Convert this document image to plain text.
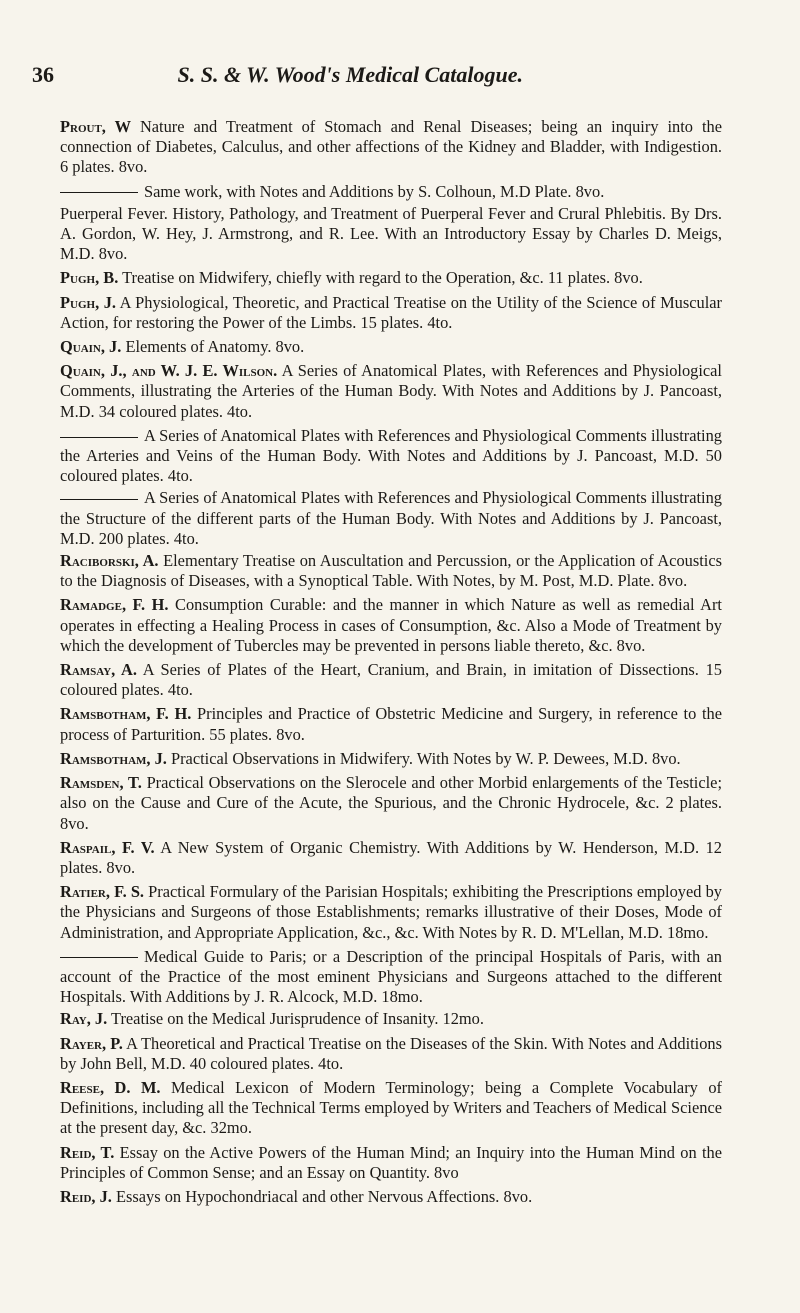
36	S. S. & W. Wood's Medical Catalogue.

Prout, W Nature and Treatment of Stomach and Renal Diseases; being an inquiry into the connection of Diabetes, Calculus, and other affections of the Kidney and Bladder, with Indigestion. 6 plates. 8vo.

Same work, with Notes and Additions by S. Colhoun, M.D Plate. 8vo.

Puerperal Fever. History, Pathology, and Treatment of Puerperal Fever and Crural Phlebitis. By Drs. A. Gordon, W. Hey, J. Armstrong, and R. Lee. With an Introductory Essay by Charles D. Meigs, M.D. 8vo.

Pugh, B. Treatise on Midwifery, chiefly with regard to the Operation, &c. 11 plates. 8vo.

Pugh, J. A Physiological, Theoretic, and Practical Treatise on the Utility of the Science of Muscular Action, for restoring the Power of the Limbs. 15 plates. 4to.

Quain, J. Elements of Anatomy. 8vo.

Quain, J., and W. J. E. Wilson. A Series of Anatomical Plates, with References and Physiological Comments, illustrating the Arteries of the Human Body. With Notes and Additions by J. Pancoast, M.D. 34 coloured plates. 4to.

A Series of Anatomical Plates with References and Physiological Comments illustrating the Arteries and Veins of the Human Body. With Notes and Additions by J. Pancoast, M.D. 50 coloured plates. 4to.

A Series of Anatomical Plates with References and Physiological Comments illustrating the Structure of the different parts of the Human Body. With Notes and Additions by J. Pancoast, M.D. 200 plates. 4to.

Raciborski, A. Elementary Treatise on Auscultation and Percussion, or the Application of Acoustics to the Diagnosis of Diseases, with a Synoptical Table. With Notes, by M. Post, M.D. Plate. 8vo.

Ramadge, F. H. Consumption Curable: and the manner in which Nature as well as remedial Art operates in effecting a Healing Process in cases of Consumption, &c. Also a Mode of Treatment by which the development of Tubercles may be prevented in persons liable thereto, &c. 8vo.

Ramsay, A. A Series of Plates of the Heart, Cranium, and Brain, in imitation of Dissections. 15 coloured plates. 4to.

Ramsbotham, F. H. Principles and Practice of Obstetric Medicine and Surgery, in reference to the process of Parturition. 55 plates. 8vo.

Ramsbotham, J. Practical Observations in Midwifery. With Notes by W. P. Dewees, M.D. 8vo.

Ramsden, T. Practical Observations on the Slerocele and other Morbid enlargements of the Testicle; also on the Cause and Cure of the Acute, the Spurious, and the Chronic Hydrocele, &c. 2 plates. 8vo.

Raspail, F. V. A New System of Organic Chemistry. With Additions by W. Henderson, M.D. 12 plates. 8vo.

Ratier, F. S. Practical Formulary of the Parisian Hospitals; exhibiting the Prescriptions employed by the Physicians and Surgeons of those Establishments; remarks illustrative of their Doses, Mode of Administration, and Appropriate Application, &c., &c. With Notes by R. D. M'Lellan, M.D. 18mo.

Medical Guide to Paris; or a Description of the principal Hospitals of Paris, with an account of the Practice of the most eminent Physicians and Surgeons attached to the different Hospitals. With Additions by J. R. Alcock, M.D. 18mo.

Ray, J. Treatise on the Medical Jurisprudence of Insanity. 12mo.

Rayer, P. A Theoretical and Practical Treatise on the Diseases of the Skin. With Notes and Additions by John Bell, M.D. 40 coloured plates. 4to.

Reese, D. M. Medical Lexicon of Modern Terminology; being a Complete Vocabulary of Definitions, including all the Technical Terms employed by Writers and Teachers of Medical Science at the present day, &c. 32mo.

Reid, T. Essay on the Active Powers of the Human Mind; an Inquiry into the Human Mind on the Principles of Common Sense; and an Essay on Quantity. 8vo

Reid, J. Essays on Hypochondriacal and other Nervous Affections. 8vo.
